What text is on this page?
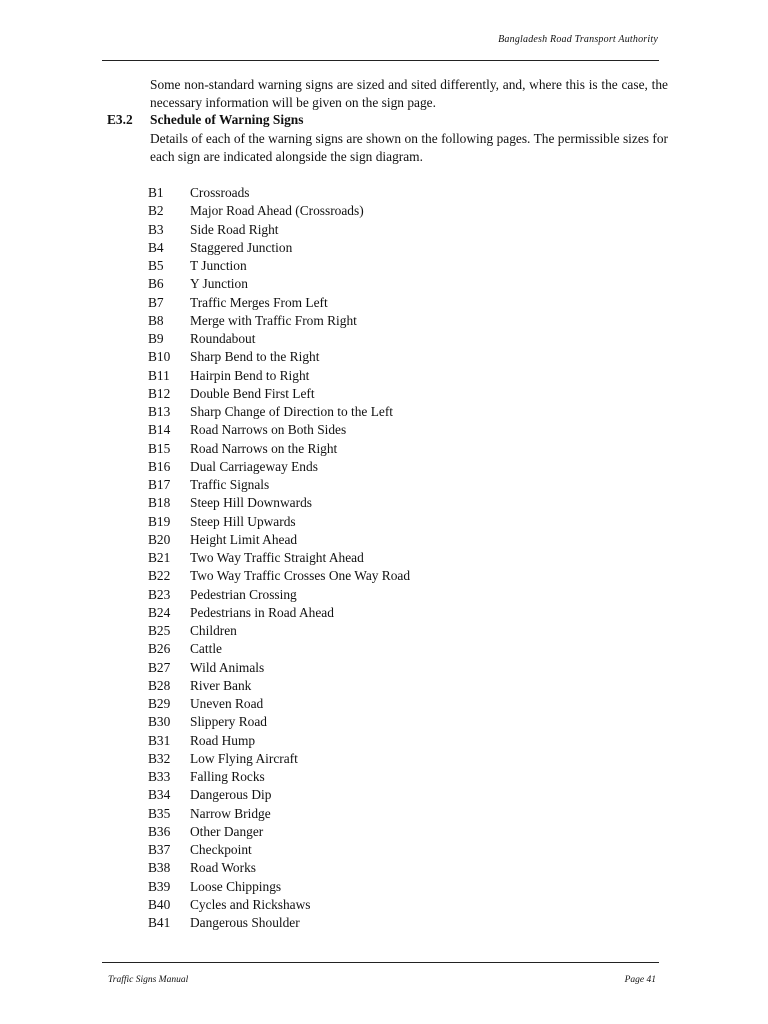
Bangladesh Road Transport Authority

Some non-standard warning signs are sized and sited differently, and, where this is the case, the necessary information will be given on the sign page.

E3.2 Schedule of Warning Signs

Details of each of the warning signs are shown on the following pages. The permissible sizes for each sign are indicated alongside the sign diagram.

B1	Crossroads
B2	Major Road Ahead (Crossroads)
B3	Side Road Right
B4	Staggered Junction
B5	T Junction
B6	Y Junction
B7	Traffic Merges From Left
B8	Merge with Traffic From Right
B9	Roundabout
B10	Sharp Bend to the Right
B11	Hairpin Bend to Right
B12	Double Bend First Left
B13	Sharp Change of Direction to the Left
B14	Road Narrows on Both Sides
B15	Road Narrows on the Right
B16	Dual Carriageway Ends
B17	Traffic Signals
B18	Steep Hill Downwards
B19	Steep Hill Upwards
B20	Height Limit Ahead
B21	Two Way Traffic Straight Ahead
B22	Two Way Traffic Crosses One Way Road
B23	Pedestrian Crossing
B24	Pedestrians in Road Ahead
B25	Children
B26	Cattle
B27	Wild Animals
B28	River Bank
B29	Uneven Road
B30	Slippery Road
B31	Road Hump
B32	Low Flying Aircraft
B33	Falling Rocks
B34	Dangerous Dip
B35	Narrow Bridge
B36	Other Danger
B37	Checkpoint
B38	Road Works
B39	Loose Chippings
B40	Cycles and Rickshaws
B41	Dangerous Shoulder
Traffic Signs Manual	Page 41
